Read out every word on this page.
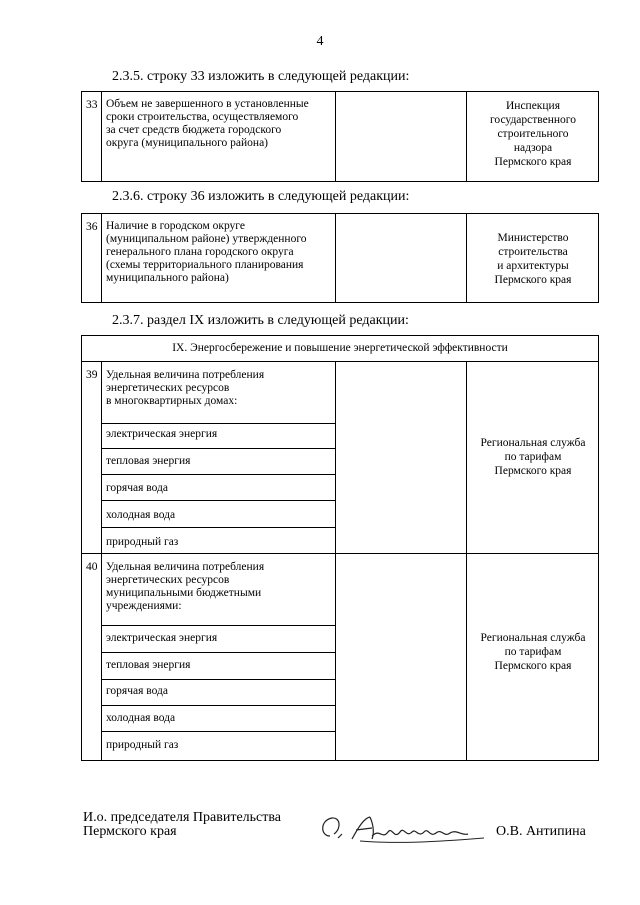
4
2.3.5. строку 33 изложить в следующей редакции:
33 Объем не завершенного в установленные
сроки строительства, осуществляемого
за счет средств бюджета городского
округа (муниципального района)
Инспекция
государственного
строительного
надзора
Пермского края
2.3.6. строку 36 изложить в следующей редакции:
36 Наличие в городском округе
(муниципальном районе) утвержденного
генерального плана городского округа
(схемы территориального планирования
муниципального района)
Министерство
строительства
и архитектуры
Пермского края
2.3.7. раздел IX изложить в следующей редакции:
IX. Энергосбережение и повышение энергетической эффективности
39 Удельная величина потребления
энергетических ресурсов
в многоквартирных домах:
электрическая энергия
тепловая энергия
горячая вода
холодная вода
природный газ
Региональная служба
по тарифам
Пермского края
40 Удельная величина потребления
энергетических ресурсов
муниципальными бюджетными
учреждениями:
электрическая энергия
тепловая энергия
горячая вода
холодная вода
природный газ
Региональная служба
по тарифам
Пермского края
И.о. председателя Правительства
Пермского края	О.В. Антипина
